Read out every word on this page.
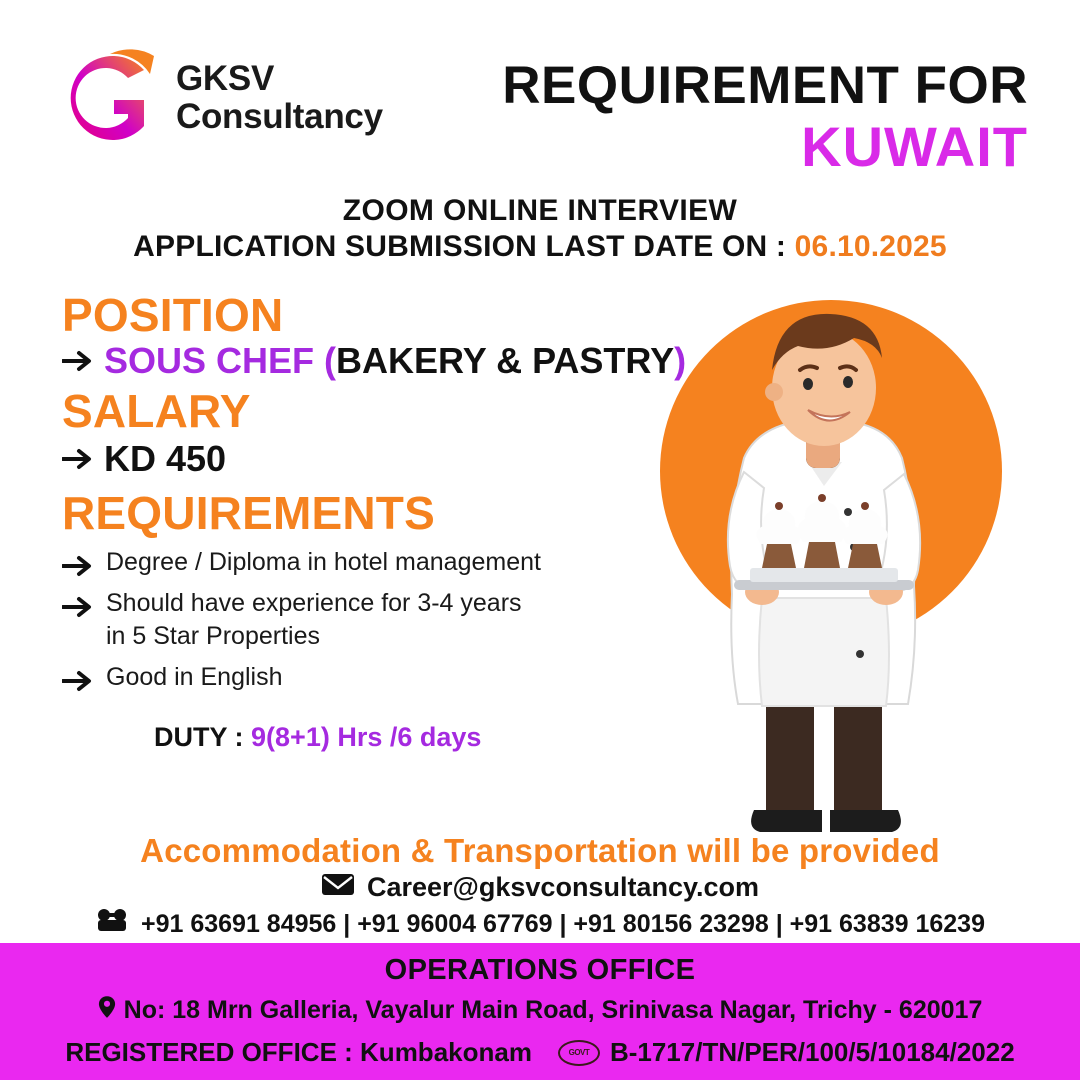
GKSV
Consultancy
REQUIREMENT FOR
KUWAIT
ZOOM ONLINE INTERVIEW
APPLICATION SUBMISSION LAST DATE ON : 06.10.2025
POSITION
SOUS CHEF (BAKERY & PASTRY)
SALARY
KD 450
REQUIREMENTS
Degree / Diploma in hotel management
Should have experience for 3-4 years
in 5 Star Properties
Good in English
DUTY : 9(8+1) Hrs /6 days
Accommodation & Transportation will be provided
Career@gksvconsultancy.com
+91 63691 84956 | +91 96004 67769 | +91 80156 23298 | +91 63839 16239
OPERATIONS OFFICE
No: 18 Mrn Galleria, Vayalur Main Road, Srinivasa Nagar, Trichy - 620017
REGISTERED OFFICE : Kumbakonam	GOVT B-1717/TN/PER/100/5/10184/2022
